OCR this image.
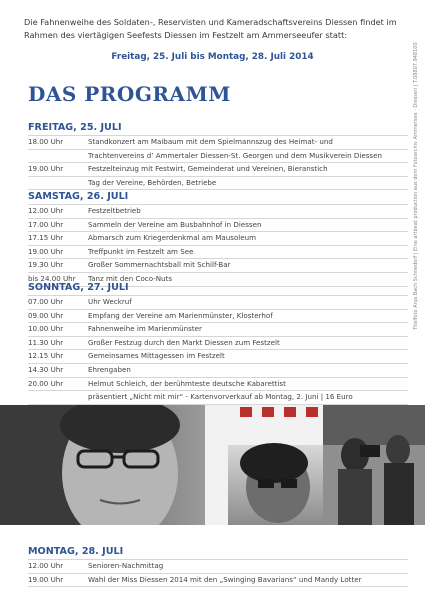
Die Fahnenweihe des Soldaten-, Reservisten und Kameradschaftsvereins Diessen findet im Rahmen des viertägigen Seefests Diessen im Festzelt am Ammerseeufer statt:
Freitag, 25. Juli bis Montag, 28. Juli 2014
DAS PROGRAMM
FREITAG, 25. JULI
18.00 Uhr	Standkonzert am Maibaum mit dem Spielmannszug des Heimat- und
Trachtenvereins d’ Ammertaler Diessen-St. Georgen und dem Musikverein Diessen
19.00 Uhr	Festzelteinzug mit Festwirt, Gemeinderat und Vereinen, Bieranstich
Tag der Vereine, Behörden, Betriebe
SAMSTAG, 26. JULI
12.00 Uhr	Festzeltbetrieb
17.00 Uhr	Sammeln der Vereine am Busbahnhof in Diessen
17.15 Uhr	Abmarsch zum Kriegerdenkmal am Mausoleum
19.00 Uhr	Treffpunkt im Festzelt am See
19.30 Uhr	Großer Sommernachtsball mit Schilf-Bar
bis 24.00 Uhr	Tanz mit den Coco-Nuts
SONNTAG, 27. JULI
07.00 Uhr	Uhr Weckruf
09.00 Uhr	Empfang der Vereine am Marienmünster, Klosterhof
10.00 Uhr	Fahnenweihe im Marienmünster
11.30 Uhr	Großer Festzug durch den Markt Diessen zum Festzelt
12.15 Uhr	Gemeinsames Mittagessen im Festzelt
14.30 Uhr	Ehrengaben
20.00 Uhr	Helmut Schleich, der berühmteste deutsche Kabarettist
präsentiert „Nicht mit mir“ - Kartenvorverkauf ab Montag, 2. Juni | 16 Euro
MONTAG, 28. JULI
12.00 Uhr	Senioren-Nachmittag
19.00 Uhr	Wahl der Miss Diessen 2014 mit den „Swinging Bavarians“ und Mandy Lotter
Titelfoto Anja Bach Schnedorf | Eine artbeat production aus dem Fotoarchiv Ammersee · Diessen | T.08807.948100
